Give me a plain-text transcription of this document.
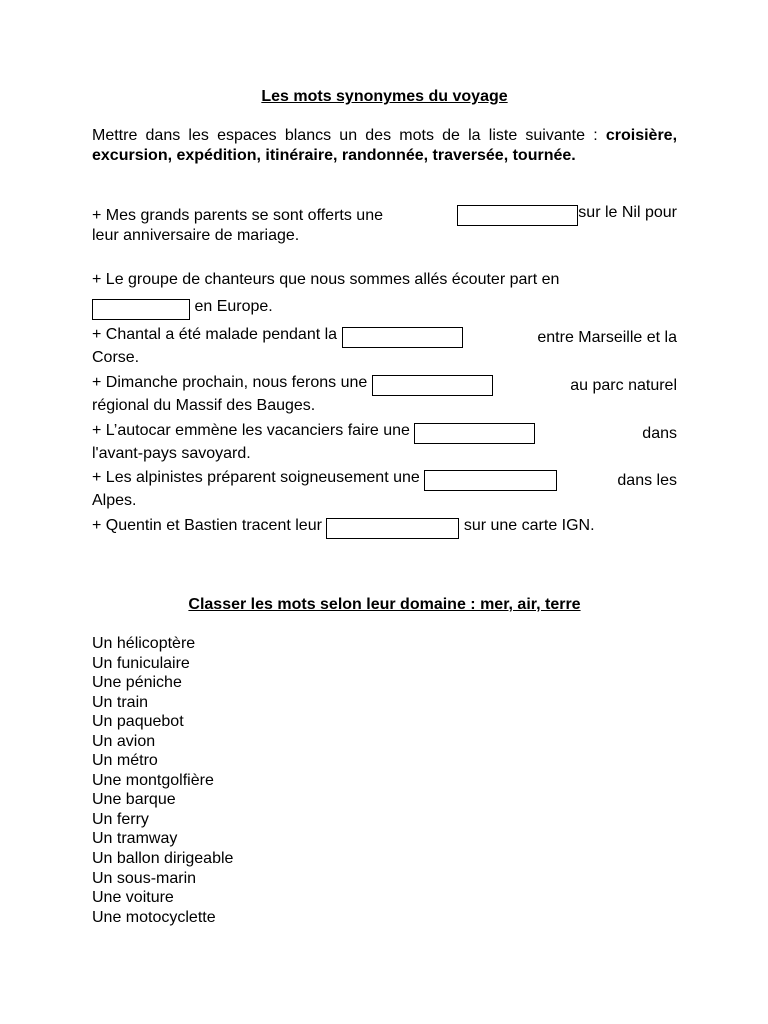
Les mots synonymes du voyage
Mettre dans les espaces blancs un des mots de la liste suivante : croisière, excursion, expédition, itinéraire, randonnée, traversée, tournée.
+ Mes grands parents se sont offerts une	sur le Nil pour
leur anniversaire de mariage.
+ Le groupe de chanteurs que nous sommes allés écouter part en
en Europe.
+ Chantal a été malade pendant la	entre Marseille et la
Corse.
+ Dimanche prochain, nous ferons une	au parc naturel
régional du Massif des Bauges.
+ L’autocar emmène les vacanciers faire une	dans
l'avant-pays savoyard.
+ Les alpinistes préparent soigneusement une	dans les
Alpes.
+ Quentin et Bastien tracent leur	sur une carte IGN.
Classer les mots selon leur domaine : mer, air, terre
Un hélicoptère
Un funiculaire
Une péniche
Un train
Un paquebot
Un avion
Un métro
Une montgolfière
Une barque
Un ferry
Un tramway
Un ballon dirigeable
Un sous-marin
Une voiture
Une motocyclette
